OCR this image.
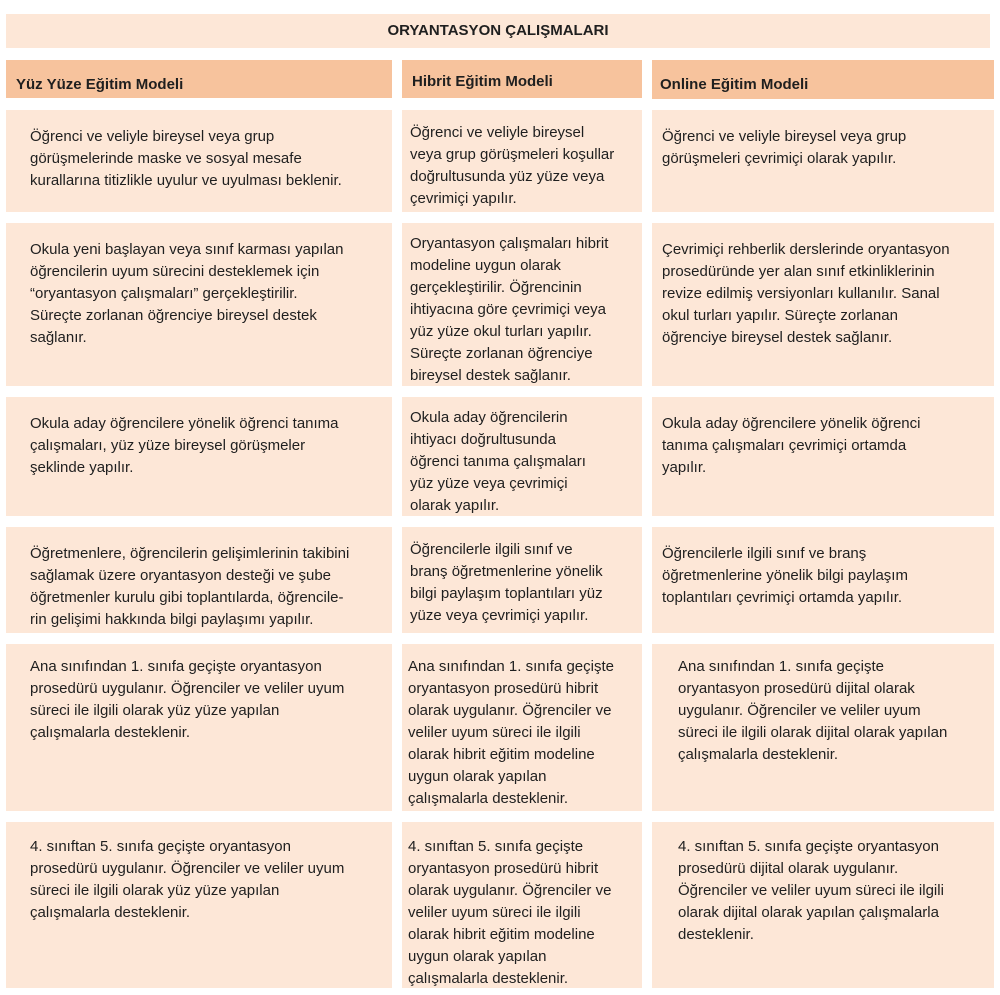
ORYANTASYON ÇALIŞMALARI
Yüz Yüze Eğitim Modeli	Hibrit Eğitim Modeli	Online Eğitim Modeli
Öğrenci ve veliyle bireysel veya grup
görüşmelerinde maske ve sosyal mesafe
kurallarına titizlikle uyulur ve uyulması beklenir.
Öğrenci ve veliyle bireysel
veya grup görüşmeleri koşullar
doğrultusunda yüz yüze veya
çevrimiçi yapılır.
Öğrenci ve veliyle bireysel veya grup
görüşmeleri çevrimiçi olarak yapılır.
Okula yeni başlayan veya sınıf karması yapılan
öğrencilerin uyum sürecini desteklemek için
“oryantasyon çalışmaları” gerçekleştirilir.
Süreçte zorlanan öğrenciye bireysel destek
sağlanır.
Oryantasyon çalışmaları hibrit
modeline uygun olarak
gerçekleştirilir. Öğrencinin
ihtiyacına göre çevrimiçi veya
yüz yüze okul turları yapılır.
Süreçte zorlanan öğrenciye
bireysel destek sağlanır.
Çevrimiçi rehberlik derslerinde oryantasyon
prosedüründe yer alan sınıf etkinliklerinin
revize edilmiş versiyonları kullanılır. Sanal
okul turları yapılır. Süreçte zorlanan
öğrenciye bireysel destek sağlanır.
Okula aday öğrencilere yönelik öğrenci tanıma
çalışmaları, yüz yüze bireysel görüşmeler
şeklinde yapılır.
Okula aday öğrencilerin
ihtiyacı doğrultusunda
öğrenci tanıma çalışmaları
yüz yüze veya çevrimiçi
olarak yapılır.
Okula aday öğrencilere yönelik öğrenci
tanıma çalışmaları çevrimiçi ortamda
yapılır.
Öğretmenlere, öğrencilerin gelişimlerinin takibini
sağlamak üzere oryantasyon desteği ve şube
öğretmenler kurulu gibi toplantılarda, öğrencile-
rin gelişimi hakkında bilgi paylaşımı yapılır.
Öğrencilerle ilgili sınıf ve
branş öğretmenlerine yönelik
bilgi paylaşım toplantıları yüz
yüze veya çevrimiçi yapılır.
Öğrencilerle ilgili sınıf ve branş
öğretmenlerine yönelik bilgi paylaşım
toplantıları çevrimiçi ortamda yapılır.
Ana sınıfından 1. sınıfa geçişte oryantasyon
prosedürü uygulanır. Öğrenciler ve veliler uyum
süreci ile ilgili olarak yüz yüze yapılan
çalışmalarla desteklenir.
Ana sınıfından 1. sınıfa geçişte
oryantasyon prosedürü hibrit
olarak uygulanır. Öğrenciler ve
veliler uyum süreci ile ilgili
olarak hibrit eğitim modeline
uygun olarak yapılan
çalışmalarla desteklenir.
Ana sınıfından 1. sınıfa geçişte
oryantasyon prosedürü dijital olarak
uygulanır. Öğrenciler ve veliler uyum
süreci ile ilgili olarak dijital olarak yapılan
çalışmalarla desteklenir.
4. sınıftan 5. sınıfa geçişte oryantasyon
prosedürü uygulanır. Öğrenciler ve veliler uyum
süreci ile ilgili olarak yüz yüze yapılan
çalışmalarla desteklenir.
4. sınıftan 5. sınıfa geçişte
oryantasyon prosedürü hibrit
olarak uygulanır. Öğrenciler ve
veliler uyum süreci ile ilgili
olarak hibrit eğitim modeline
uygun olarak yapılan
çalışmalarla desteklenir.
4. sınıftan 5. sınıfa geçişte oryantasyon
prosedürü dijital olarak uygulanır.
Öğrenciler ve veliler uyum süreci ile ilgili
olarak dijital olarak yapılan çalışmalarla
desteklenir.
